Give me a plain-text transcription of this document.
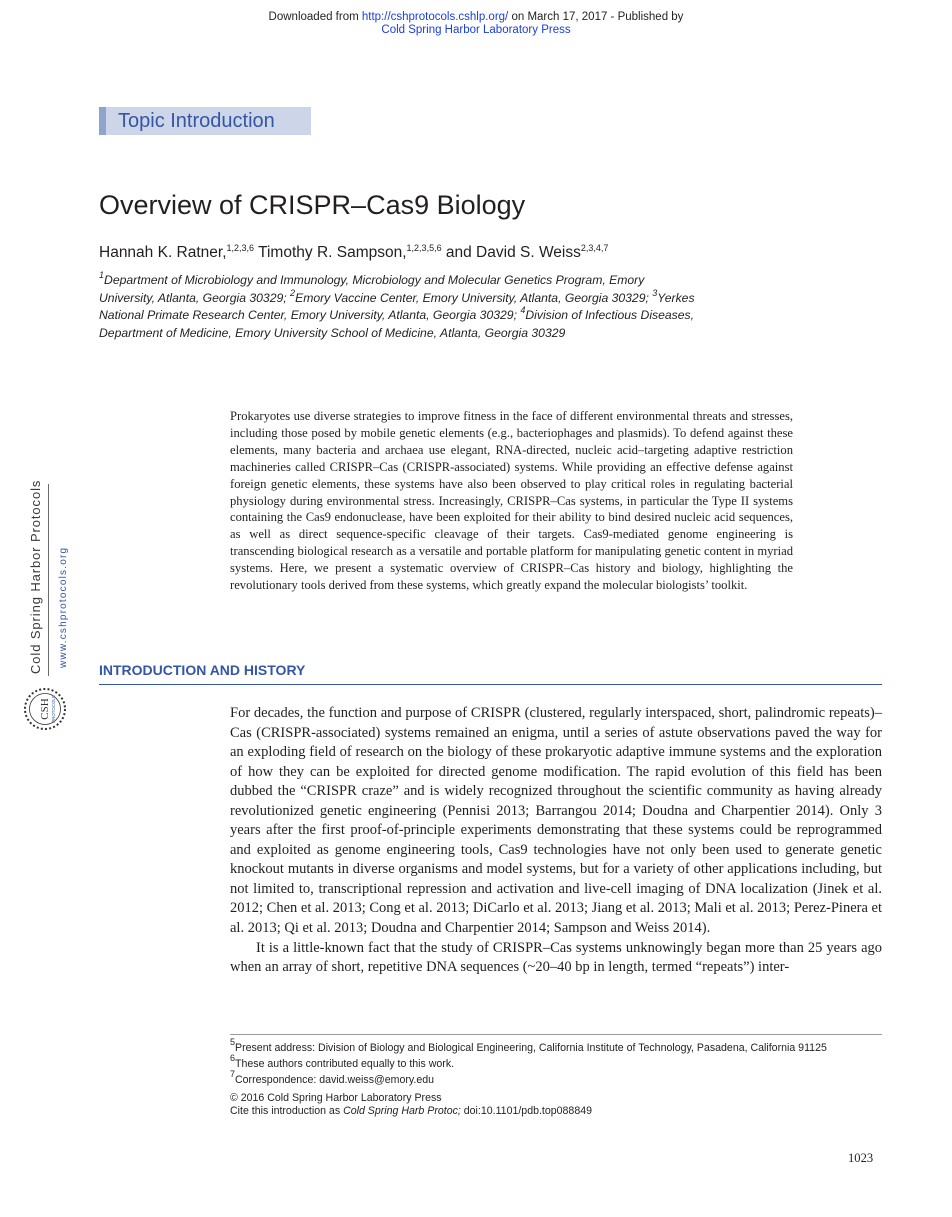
Downloaded from http://cshprotocols.cshlp.org/ on March 17, 2017 - Published by
Cold Spring Harbor Laboratory Press
Topic Introduction
Overview of CRISPR–Cas9 Biology
Hannah K. Ratner,$^{1,2,3,6}$ Timothy R. Sampson,$^{1,2,3,5,6}$ and David S. Weiss$^{2,3,4,7}$
$^1$Department of Microbiology and Immunology, Microbiology and Molecular Genetics Program, Emory University, Atlanta, Georgia 30329; $^2$Emory Vaccine Center, Emory University, Atlanta, Georgia 30329; $^3$Yerkes National Primate Research Center, Emory University, Atlanta, Georgia 30329; $^4$Division of Infectious Diseases, Department of Medicine, Emory University School of Medicine, Atlanta, Georgia 30329
Prokaryotes use diverse strategies to improve fitness in the face of different environmental threats and stresses, including those posed by mobile genetic elements (e.g., bacteriophages and plasmids). To defend against these elements, many bacteria and archaea use elegant, RNA-directed, nucleic acid–targeting adaptive restriction machineries called CRISPR–Cas (CRISPR-associated) systems. While providing an effective defense against foreign genetic elements, these systems have also been observed to play critical roles in regulating bacterial physiology during environmental stress. Increasingly, CRISPR–Cas systems, in particular the Type II systems containing the Cas9 endonuclease, have been exploited for their ability to bind desired nucleic acid sequences, as well as direct sequence-specific cleavage of their targets. Cas9-mediated genome engineering is transcending biological research as a versatile and portable platform for manipulating genetic content in myriad systems. Here, we present a systematic overview of CRISPR–Cas history and biology, highlighting the revolutionary tools derived from these systems, which greatly expand the molecular biologists’ toolkit.
INTRODUCTION AND HISTORY

For decades, the function and purpose of CRISPR (clustered, regularly interspaced, short, palindromic repeats)–Cas (CRISPR-associated) systems remained an enigma, until a series of astute observations paved the way for an exploding field of research on the biology of these prokaryotic adaptive immune systems and the exploration of how they can be exploited for directed genome modification. The rapid evolution of this field has been dubbed the “CRISPR craze” and is widely recognized throughout the scientific community as having already revolutionized genetic engineering (Pennisi 2013; Barrangou 2014; Doudna and Charpentier 2014). Only 3 years after the first proof-of-principle experiments demonstrating that these systems could be reprogrammed and exploited as genome engineering tools, Cas9 technologies have not only been used to generate genetic knockout mutants in diverse organisms and model systems, but for a variety of other applications including, but not limited to, transcriptional repression and activation and live-cell imaging of DNA localization (Jinek et al. 2012; Chen et al. 2013; Cong et al. 2013; DiCarlo et al. 2013; Jiang et al. 2013; Mali et al. 2013; Perez-Pinera et al. 2013; Qi et al. 2013; Doudna and Charpentier 2014; Sampson and Weiss 2014).

It is a little-known fact that the study of CRISPR–Cas systems unknowingly began more than 25 years ago when an array of short, repetitive DNA sequences (~20–40 bp in length, termed “repeats”) inter-

$^5$Present address: Division of Biology and Biological Engineering, California Institute of Technology, Pasadena, California 91125
$^6$These authors contributed equally to this work.
$^7$Correspondence: david.weiss@emory.edu
© 2016 Cold Spring Harbor Laboratory Press
Cite this introduction as Cold Spring Harb Protoc; doi:10.1101/pdb.top088849
1023
Cold Spring Harbor Protocols www.cshprotocols.org
CSH PROTOCOLS
